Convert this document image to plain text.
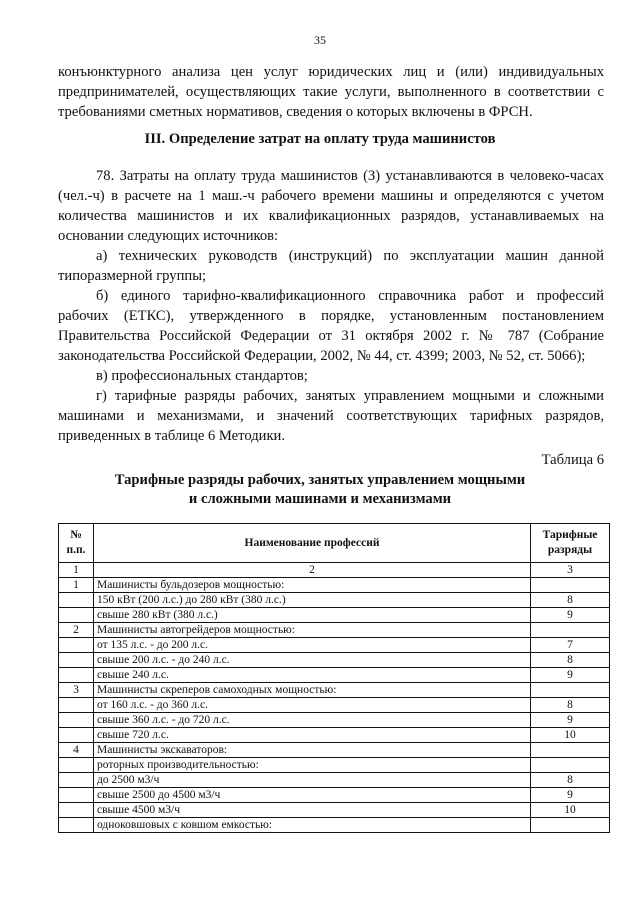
35

конъюнктурного анализа цен услуг юридических лиц и (или) индивидуальных предпринимателей, осуществляющих такие услуги, выполненного в соответствии с требованиями сметных нормативов, сведения о которых включены в ФРСН.

III. Определение затрат на оплату труда машинистов

78. Затраты на оплату труда машинистов (З) устанавливаются в человеко-часах (чел.-ч) в расчете на 1 маш.-ч рабочего времени машины и определяются с учетом количества машинистов и их квалификационных разрядов, устанавливаемых на основании следующих источников:

а) технических руководств (инструкций) по эксплуатации машин данной типоразмерной группы;

б) единого тарифно-квалификационного справочника работ и профессий рабочих (ЕТКС), утвержденного в порядке, установленным постановлением Правительства Российской Федерации от 31 октября 2002 г. № 787 (Собрание законодательства Российской Федерации, 2002, № 44, ст. 4399; 2003, № 52, ст. 5066);

в) профессиональных стандартов;

г) тарифные разряды рабочих, занятых управлением мощными и сложными машинами и механизмами, и значений соответствующих тарифных разрядов, приведенных в таблице 6 Методики.

Таблица 6
Тарифные разряды рабочих, занятых управлением мощными
и сложными машинами и механизмами
№ п.п.	Наименование профессий	Тарифные разряды
1	2	3
1	Машинисты бульдозеров мощностью:	
	150 кВт (200 л.с.) до 280 кВт (380 л.с.)	8
	свыше 280 кВт (380 л.с.)	9
2	Машинисты автогрейдеров мощностью:	
	от 135 л.с. - до 200 л.с.	7
	свыше 200 л.с. - до 240 л.с.	8
	свыше 240 л.с.	9
3	Машинисты скреперов самоходных мощностью:	
	от 160 л.с. - до 360 л.с.	8
	свыше 360 л.с. - до 720 л.с.	9
	свыше 720 л.с.	10
4	Машинисты экскаваторов:	
	роторных производительностью:	
	до 2500 м3/ч	8
	свыше 2500 до 4500 м3/ч	9
	свыше 4500 м3/ч	10
	одноковшовых с ковшом емкостью:	
